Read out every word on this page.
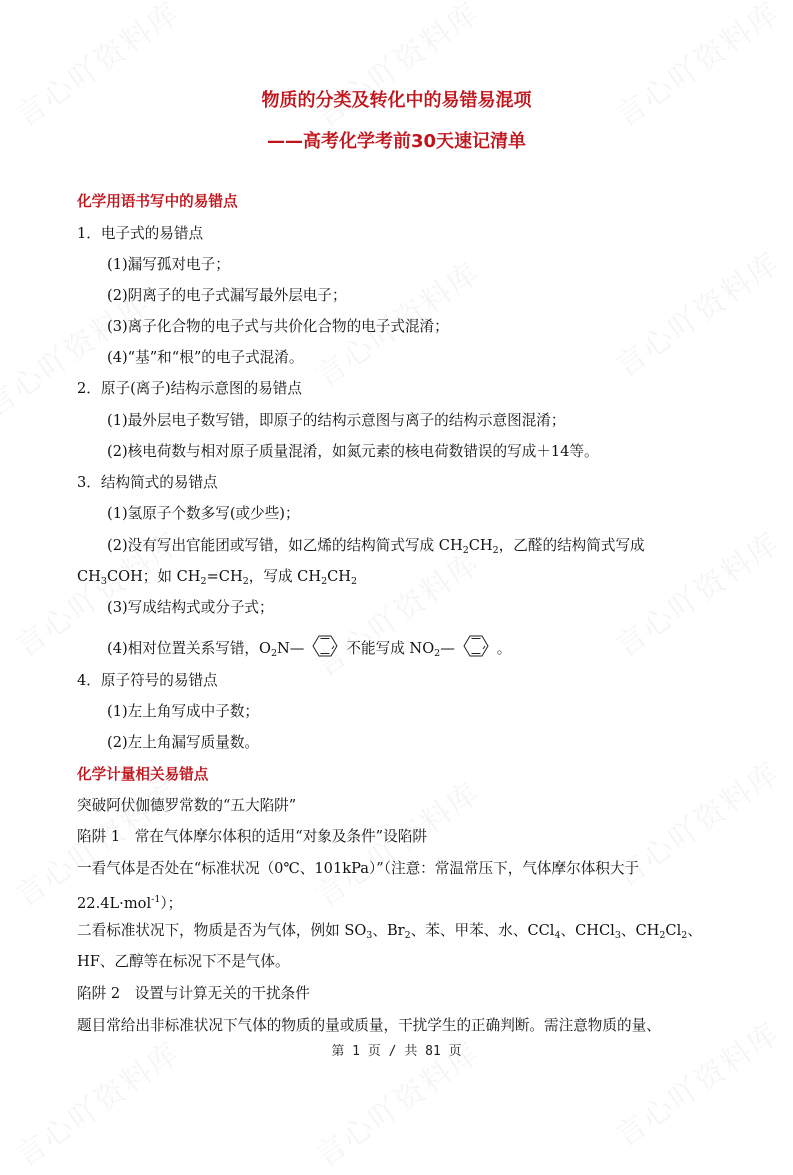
物质的分类及转化中的易错易混项
——高考化学考前30天速记清单
化学用语书写中的易错点
1．电子式的易错点
(1)漏写孤对电子；
(2)阴离子的电子式漏写最外层电子；
(3)离子化合物的电子式与共价化合物的电子式混淆；
(4)“基”和“根”的电子式混淆。
2．原子(离子)结构示意图的易错点
(1)最外层电子数写错，即原子的结构示意图与离子的结构示意图混淆；
(2)核电荷数与相对原子质量混淆，如氮元素的核电荷数错误的写成＋14等。
3．结构简式的易错点
(1)氢原子个数多写(或少些)；
(2)没有写出官能团或写错，如乙烯的结构简式写成 $CH_2CH_2$，乙醛的结构简式写成
$CH_3COH$；如 $CH_2=CH_2$，写成 $CH_2CH_2$
(3)写成结构式或分子式；
(4)相对位置关系写错，$O_2N—$	不能写成 $NO_2—$	。
4．原子符号的易错点
(1)左上角写成中子数；
(2)左上角漏写质量数。
化学计量相关易错点
突破阿伏伽德罗常数的“五大陷阱”
陷阱 1　常在气体摩尔体积的适用“对象及条件”设陷阱
一看气体是否处在“标准状况（0℃、101kPa）”（注意：常温常压下，气体摩尔体积大于
22.4L·mol$^{-1}$）；
二看标准状况下，物质是否为气体，例如 $SO_3$、$Br_2$、苯、甲苯、水、CCl$_4$、CHCl$_3$、$CH_2Cl_2$、
HF、乙醇等在标况下不是气体。
陷阱 2　设置与计算无关的干扰条件
题目常给出非标准状况下气体的物质的量或质量，干扰学生的正确判断。需注意物质的量、
第 1 页 / 共 81 页
